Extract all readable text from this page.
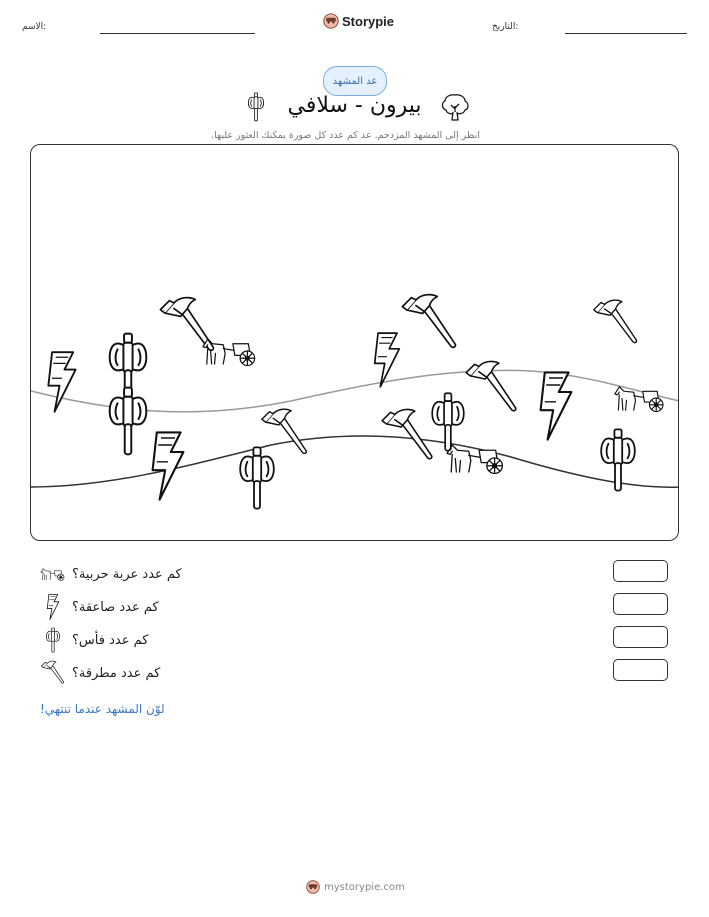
الاسم:	Storypie	التاريخ:
عد المشهد
بيرون - سلافي
انظر إلى المشهد المزدحم. عد كم عدد كل صورة يمكنك العثور عليها.
كم عدد عربة حربية؟
كم عدد صاعقة؟
كم عدد فأس؟
كم عدد مطرقة؟
لوّن المشهد عندما تنتهي!
mystorypie.com
